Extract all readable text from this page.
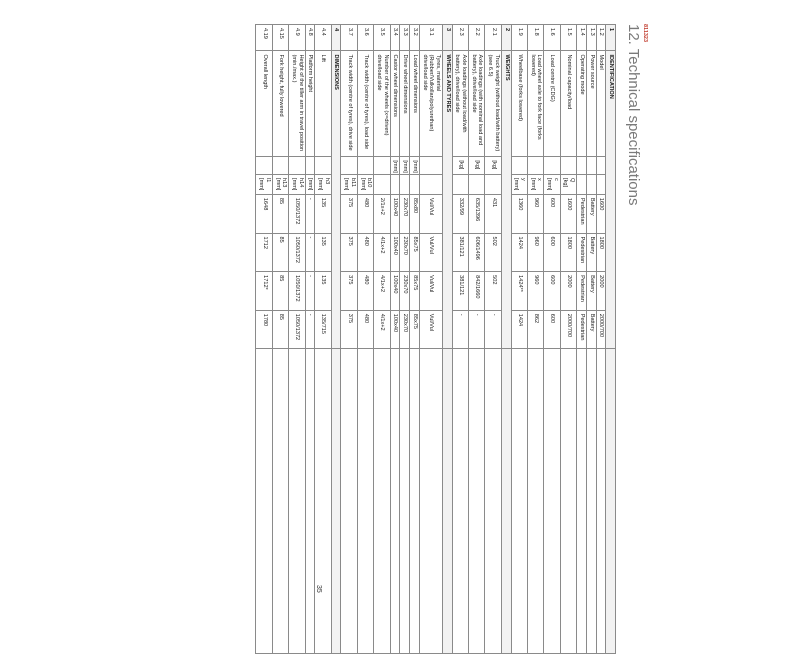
811323
12. Technical specifications
35
1	IDENTIFICATION							
1.2	Model			1600	1800	2000	2000/700	
1.3	Power source			Battery	Battery	Battery	Battery	
1.4	Operating mode			Pedestrian	Pedestrian	Pedestrian	Pedestrian	
1.5	Nominal capacity/load		Q [kg]	1600	1800	2000	2000/700	
1.6	Load centre (CDG)		c [mm]	600	600	600	600	
1.8	Load wheel axle to fork face (forks lowered)		x [mm]	960	960	960	862	
1.9	Wheelbase (forks lowered)		y [mm]	1360	1424	1424**	1424	
2	WEIGHTS							
2.1	Truck weight (without load/with battery)(see 6.5)	[kg]		431	502	502	-	
2.2	Axle loadings (with nominal load and battery), drive/load side	[kg]		635/1396	606/1496	842/1660	-	
2.3	Axle loadings (without load/with battery), drive/load side	[kg]		332/99	381/121	381/121	-	
3	WHEELS AND TYRES							
3.1	Tyres, material (Rubber/Vulkollan/polyurethan) drive/load side			Vul/Vul	Vul/Vul	Vul/Vul	Vul/Vul	
3.2	Load wheel dimensions	[mm]		85x80	85x75	85x75	85x75	
3.3	Drive wheel dimensions	[mm]		230x70	230x70	230x70	230x70	
3.4	Castor wheel dimensions	[mm]		100x40	100x40	100x40	100x40	
3.5	Number of the wheels (x=driven) drive/load side			2/1x+2	4/1x+2	4/1x+2	4/1x+2	
3.6	Track width (centre of tyres), load side		b10 [mm]	480	480	480	480	
3.7	Track width (centre of tyres), drive side		b11 [mm]	375	375	375	375	
4	DIMENSIONS							
4.4	Lift		h3 [mm]	135	135	135	135/715	
4.8	Platform height		[mm]	-	-	-	-	
4.9	Height of the tiller arm in travel position (min./max.)		h14 [mm]	1050/1372	1050/1372	1050/1372	1050/1372	
4.15	Fork height, fully lowered		h13 [mm]	85	85	85	85	
4.19	Overall length		l1 [mm]	1648	1712	1712*	1780	
